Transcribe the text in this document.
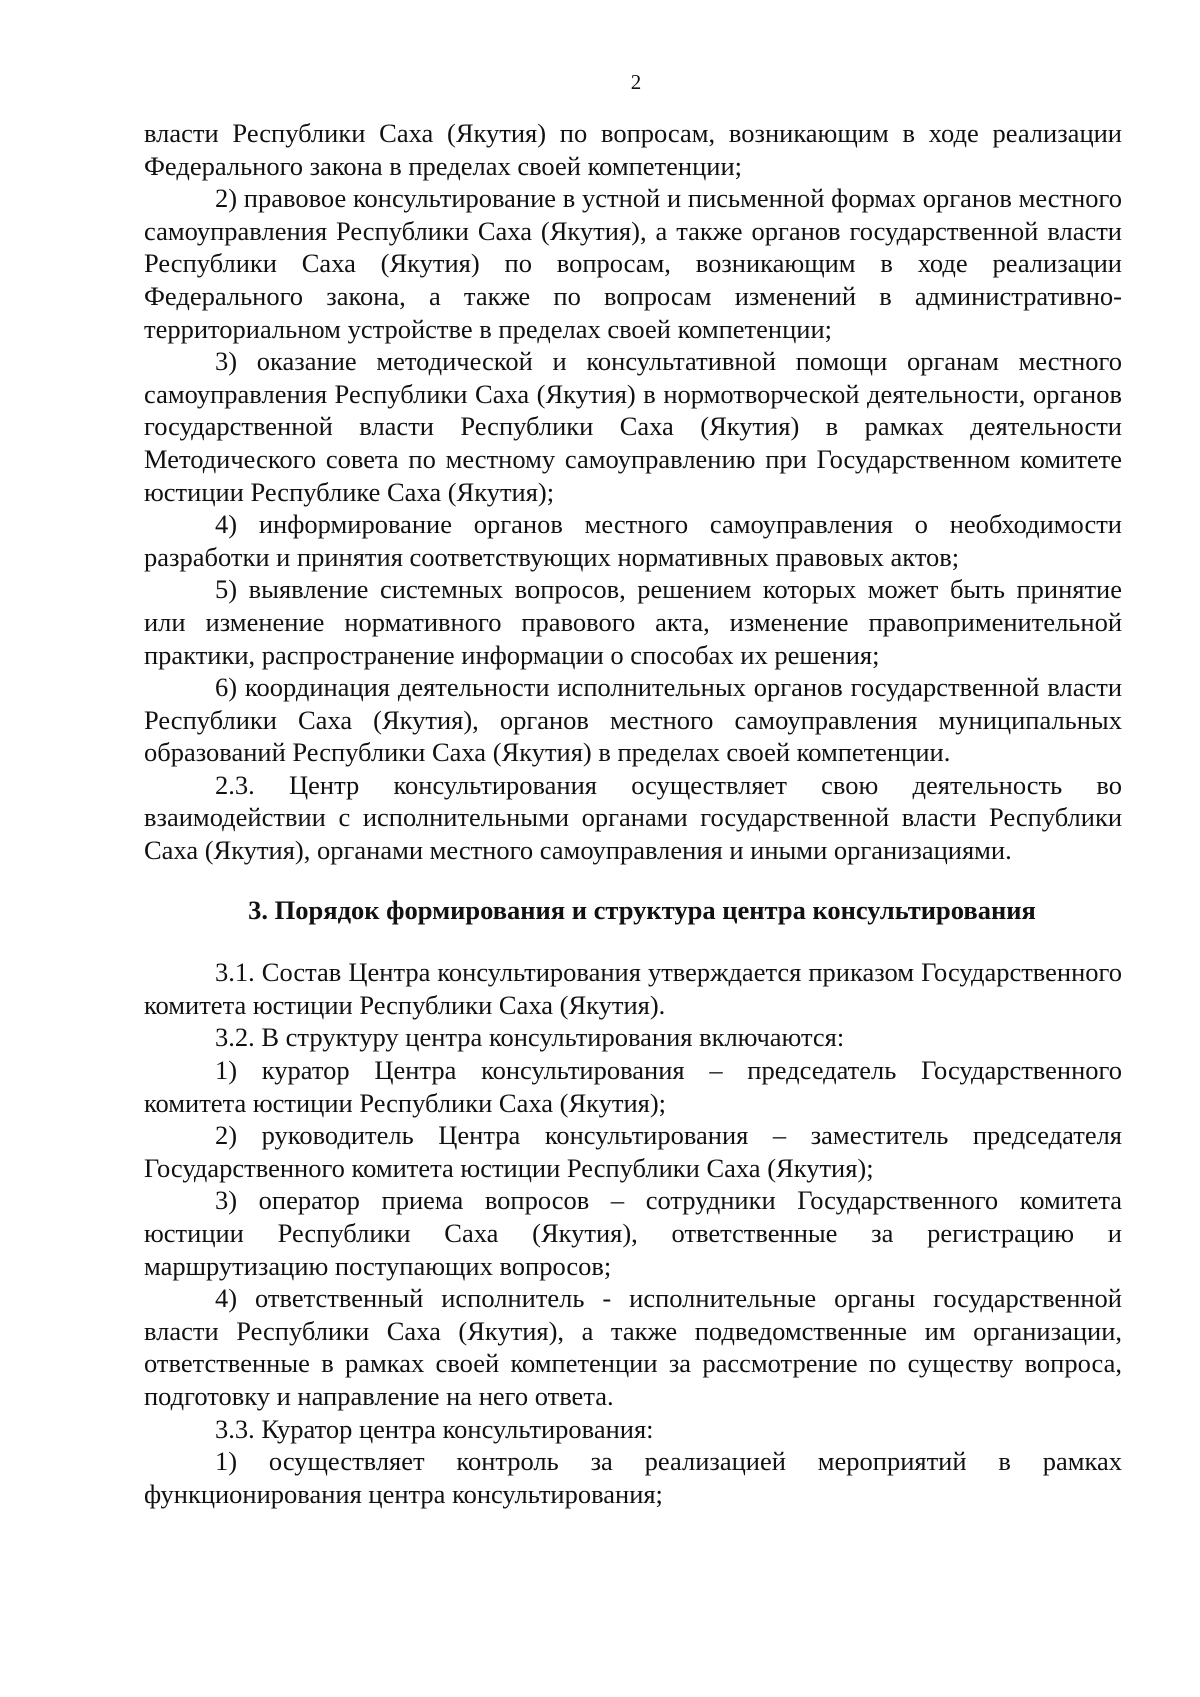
2

власти Республики Саха (Якутия) по вопросам, возникающим в ходе реализации Федерального закона в пределах своей компетенции;

2) правовое консультирование в устной и письменной формах органов местного самоуправления Республики Саха (Якутия), а также органов государственной власти Республики Саха (Якутия) по вопросам, возникающим в ходе реализации Федерального закона, а также по вопросам изменений в административно-территориальном устройстве в пределах своей компетенции;

3) оказание методической и консультативной помощи органам местного самоуправления Республики Саха (Якутия) в нормотворческой деятельности, органов государственной власти Республики Саха (Якутия) в рамках деятельности Методического совета по местному самоуправлению при Государственном комитете юстиции Республике Саха (Якутия);

4) информирование органов местного самоуправления о необходимости разработки и принятия соответствующих нормативных правовых актов;

5) выявление системных вопросов, решением которых может быть принятие или изменение нормативного правового акта, изменение правоприменительной практики, распространение информации о способах их решения;

6) координация деятельности исполнительных органов государственной власти Республики Саха (Якутия), органов местного самоуправления муниципальных образований Республики Саха (Якутия) в пределах своей компетенции.

2.3. Центр консультирования осуществляет свою деятельность во взаимодействии с исполнительными органами государственной власти Республики Саха (Якутия), органами местного самоуправления и иными организациями.

3. Порядок формирования и структура центра консультирования

3.1. Состав Центра консультирования утверждается приказом Государственного комитета юстиции Республики Саха (Якутия).

3.2. В структуру центра консультирования включаются:

1) куратор Центра консультирования – председатель Государственного комитета юстиции Республики Саха (Якутия);

2) руководитель Центра консультирования – заместитель председателя Государственного комитета юстиции Республики Саха (Якутия);

3) оператор приема вопросов – сотрудники Государственного комитета юстиции Республики Саха (Якутия), ответственные за регистрацию и маршрутизацию поступающих вопросов;

4) ответственный исполнитель - исполнительные органы государственной власти Республики Саха (Якутия), а также подведомственные им организации, ответственные в рамках своей компетенции за рассмотрение по существу вопроса, подготовку и направление на него ответа.

3.3. Куратор центра консультирования:

1) осуществляет контроль за реализацией мероприятий в рамках функционирования центра консультирования;
